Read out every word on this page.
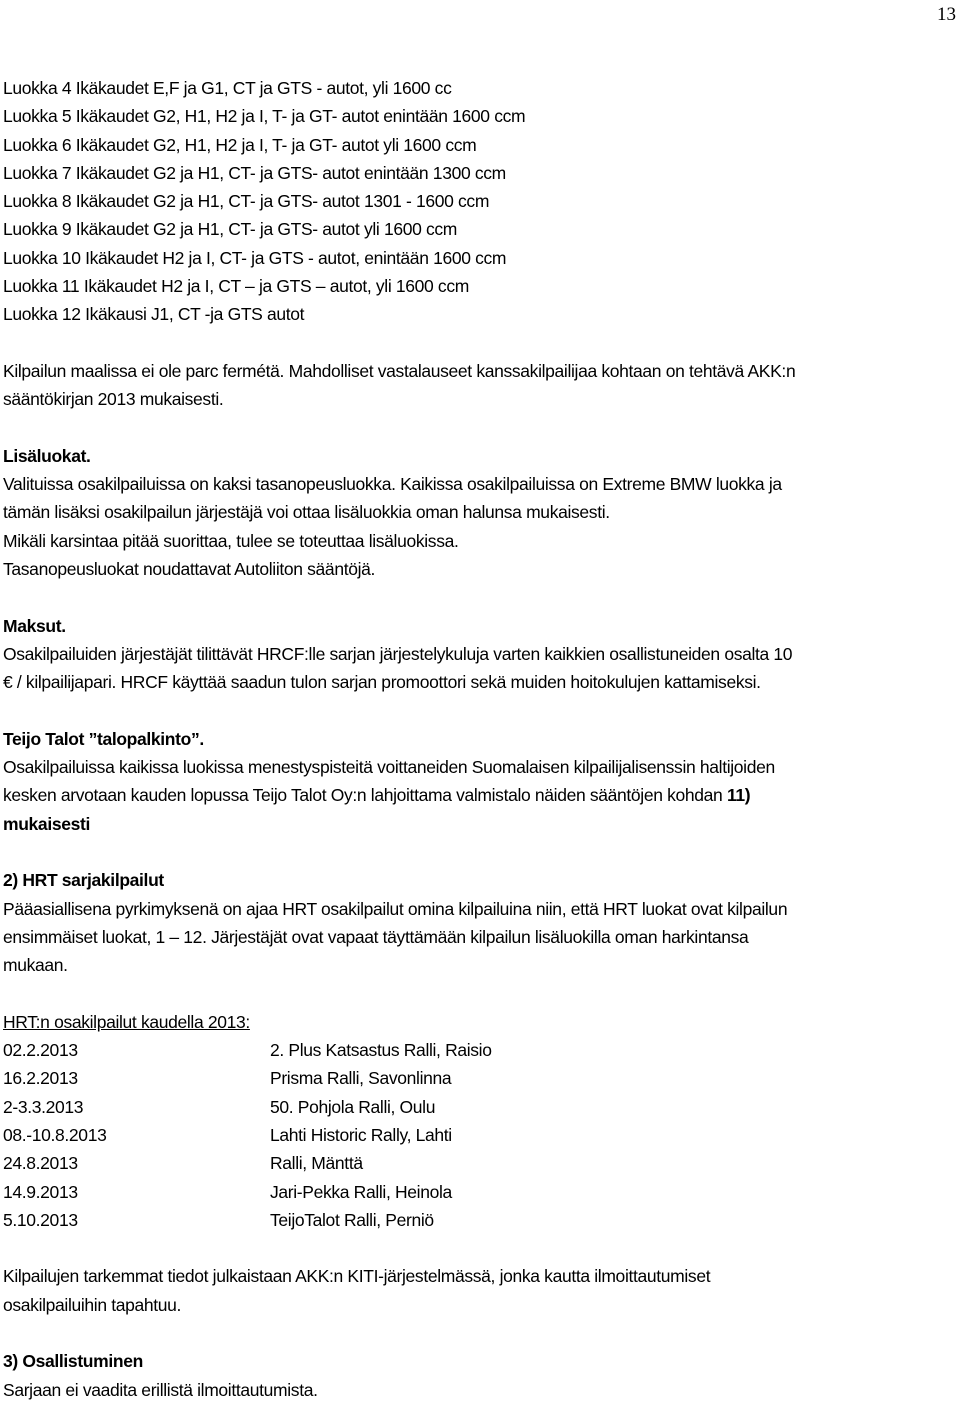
13

Luokka 4 Ikäkaudet E,F ja G1, CT ja GTS - autot, yli 1600 cc

Luokka 5 Ikäkaudet G2, H1, H2 ja I, T- ja GT- autot enintään 1600 ccm

Luokka 6 Ikäkaudet G2, H1, H2 ja I, T- ja GT- autot yli 1600 ccm

Luokka 7 Ikäkaudet G2 ja H1, CT- ja GTS- autot enintään 1300 ccm

Luokka 8 Ikäkaudet G2 ja H1, CT- ja GTS- autot 1301 - 1600 ccm

Luokka 9 Ikäkaudet G2 ja H1, CT- ja GTS- autot yli 1600 ccm

Luokka 10 Ikäkaudet H2 ja I, CT- ja GTS - autot, enintään 1600 ccm

Luokka 11 Ikäkaudet H2 ja I, CT – ja GTS – autot, yli 1600 ccm

Luokka 12 Ikäkausi J1, CT -ja GTS autot

Kilpailun maalissa ei ole parc fermétä. Mahdolliset vastalauseet kanssakilpailijaa kohtaan on tehtävä AKK:n

sääntökirjan 2013 mukaisesti.

Lisäluokat.

Valituissa osakilpailuissa on kaksi tasanopeusluokka. Kaikissa osakilpailuissa on Extreme BMW luokka ja

tämän lisäksi osakilpailun järjestäjä voi ottaa lisäluokkia oman halunsa mukaisesti.

Mikäli karsintaa pitää suorittaa, tulee se toteuttaa lisäluokissa.

Tasanopeusluokat noudattavat Autoliiton sääntöjä.

Maksut.

Osakilpailuiden järjestäjät tilittävät HRCF:lle sarjan järjestelykuluja varten kaikkien osallistuneiden osalta 10

€ / kilpailijapari. HRCF käyttää saadun tulon sarjan promoottori sekä muiden hoitokulujen kattamiseksi.

Teijo Talot ”talopalkinto”.

Osakilpailuissa kaikissa luokissa menestyspisteitä voittaneiden Suomalaisen kilpailijalisenssin haltijoiden

kesken arvotaan kauden lopussa Teijo Talot Oy:n lahjoittama valmistalo näiden sääntöjen kohdan 11)

mukaisesti

2) HRT sarjakilpailut

Pääasiallisena pyrkimyksenä on ajaa HRT osakilpailut omina kilpailuina niin, että HRT luokat ovat kilpailun

ensimmäiset luokat, 1 – 12. Järjestäjät ovat vapaat täyttämään kilpailun lisäluokilla oman harkintansa

mukaan.

HRT:n osakilpailut kaudella 2013:

02.2.2013	2. Plus Katsastus Ralli, Raisio
16.2.2013	Prisma Ralli, Savonlinna
2-3.3.2013	50. Pohjola Ralli, Oulu
08.-10.8.2013	Lahti Historic Rally, Lahti
24.8.2013	Ralli, Mänttä
14.9.2013	Jari-Pekka Ralli, Heinola
5.10.2013	TeijoTalot Ralli, Perniö

Kilpailujen tarkemmat tiedot julkaistaan AKK:n KITI-järjestelmässä, jonka kautta ilmoittautumiset

osakilpailuihin tapahtuu.

3) Osallistuminen

Sarjaan ei vaadita erillistä ilmoittautumista.
